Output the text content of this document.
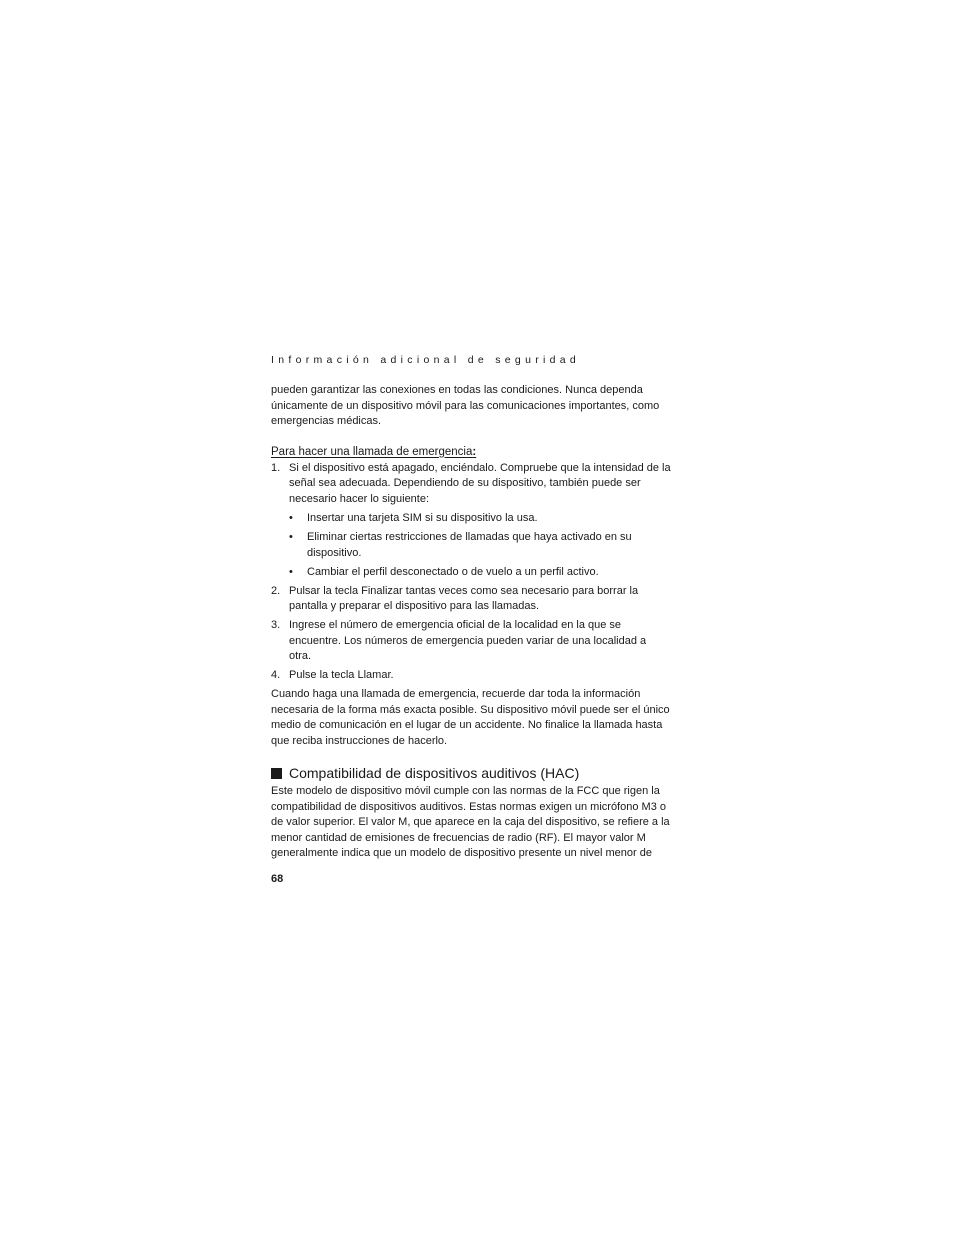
Información adicional de seguridad

pueden garantizar las conexiones en todas las condiciones. Nunca dependa únicamente de un dispositivo móvil para las comunicaciones importantes, como emergencias médicas.

Para hacer una llamada de emergencia:
1. Si el dispositivo está apagado, enciéndalo. Compruebe que la intensidad de la señal sea adecuada. Dependiendo de su dispositivo, también puede ser necesario hacer lo siguiente:
• Insertar una tarjeta SIM si su dispositivo la usa.
• Eliminar ciertas restricciones de llamadas que haya activado en su dispositivo.
• Cambiar el perfil desconectado o de vuelo a un perfil activo.
2. Pulsar la tecla Finalizar tantas veces como sea necesario para borrar la pantalla y preparar el dispositivo para las llamadas.
3. Ingrese el número de emergencia oficial de la localidad en la que se encuentre. Los números de emergencia pueden variar de una localidad a otra.
4. Pulse la tecla Llamar.

Cuando haga una llamada de emergencia, recuerde dar toda la información necesaria de la forma más exacta posible. Su dispositivo móvil puede ser el único medio de comunicación en el lugar de un accidente. No finalice la llamada hasta que reciba instrucciones de hacerlo.

Compatibilidad de dispositivos auditivos (HAC)

Este modelo de dispositivo móvil cumple con las normas de la FCC que rigen la compatibilidad de dispositivos auditivos. Estas normas exigen un micrófono M3 o de valor superior. El valor M, que aparece en la caja del dispositivo, se refiere a la menor cantidad de emisiones de frecuencias de radio (RF). El mayor valor M generalmente indica que un modelo de dispositivo presente un nivel menor de

68
